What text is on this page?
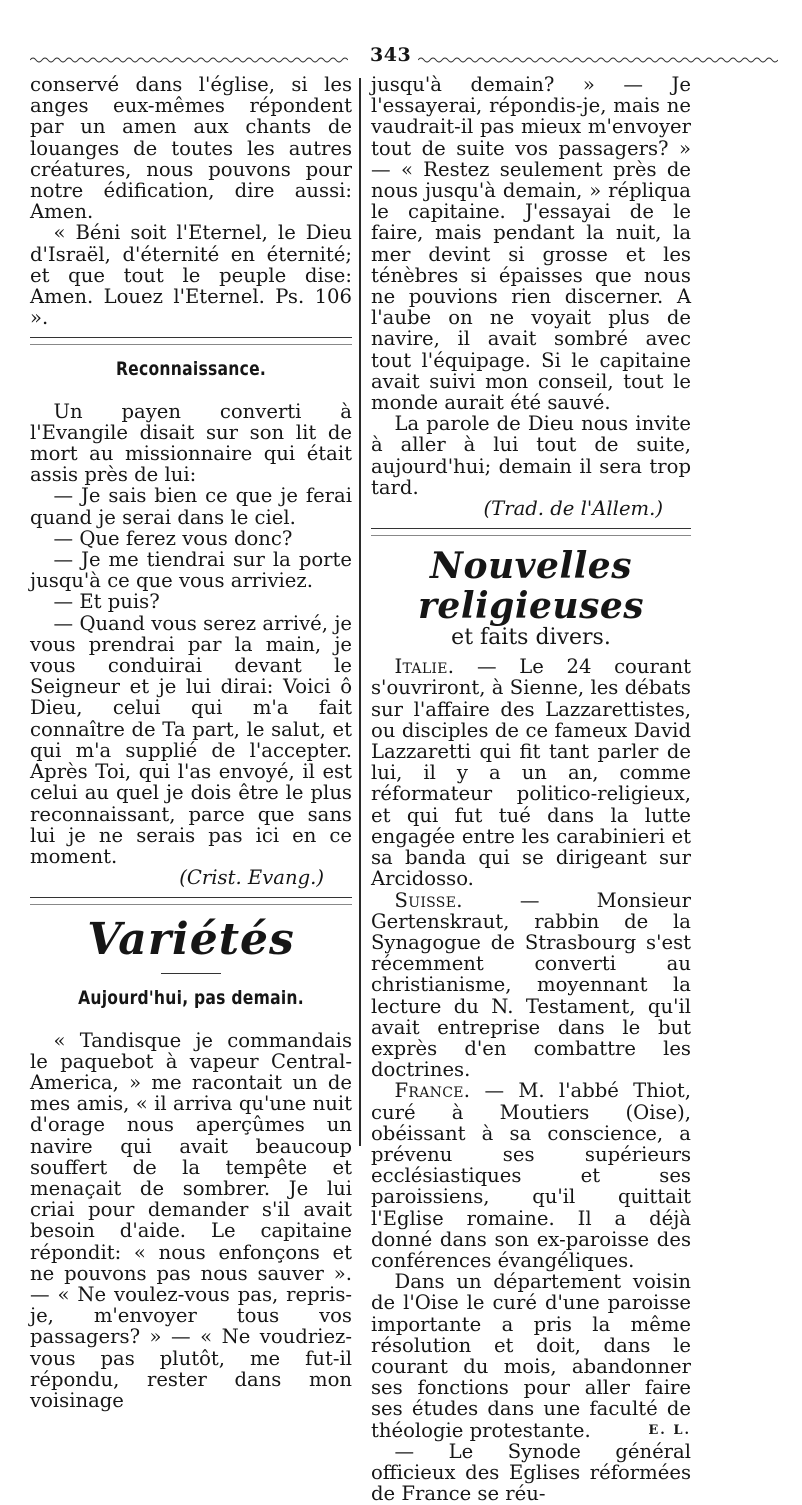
343

conservé dans l'église, si les anges eux-mêmes répondent par un amen aux chants de louanges de toutes les autres créatures, nous pouvons pour notre édification, dire aussi: Amen.

« Béni soit l'Eternel, le Dieu d'Israël, d'éternité en éternité; et que tout le peuple dise: Amen. Louez l'Eternel. Ps. 106 ».

Reconnaissance.

Un payen converti à l'Evangile disait sur son lit de mort au missionnaire qui était assis près de lui:

— Je sais bien ce que je ferai quand je serai dans le ciel.

— Que ferez vous donc?

— Je me tiendrai sur la porte jusqu'à ce que vous arriviez.

— Et puis?

— Quand vous serez arrivé, je vous prendrai par la main, je vous conduirai devant le Seigneur et je lui dirai: Voici ô Dieu, celui qui m'a fait connaître de Ta part, le salut, et qui m'a supplié de l'accepter. Après Toi, qui l'as envoyé, il est celui au quel je dois être le plus reconnaissant, parce que sans lui je ne serais pas ici en ce moment.

(Crist. Evang.)

Variétés
Aujourd'hui, pas demain.

« Tandisque je commandais le paquebot à vapeur Central-America, » me racontait un de mes amis, « il arriva qu'une nuit d'orage nous aperçûmes un navire qui avait beaucoup souffert de la tempête et menaçait de sombrer. Je lui criai pour demander s'il avait besoin d'aide. Le capitaine répondit: « nous enfonçons et ne pouvons pas nous sauver ». — « Ne voulez-vous pas, repris-je, m'envoyer tous vos passagers? » — « Ne voudriez-vous pas plutôt, me fut-il répondu, rester dans mon voisinage

jusqu'à demain? » — Je l'essayerai, répondis-je, mais ne vaudrait-il pas mieux m'envoyer tout de suite vos passagers? » — « Restez seulement près de nous jusqu'à demain, » répliqua le capitaine. J'essayai de le faire, mais pendant la nuit, la mer devint si grosse et les ténèbres si épaisses que nous ne pouvions rien discerner. A l'aube on ne voyait plus de navire, il avait sombré avec tout l'équipage. Si le capitaine avait suivi mon conseil, tout le monde aurait été sauvé.

La parole de Dieu nous invite à aller à lui tout de suite, aujourd'hui; demain il sera trop tard.

(Trad. de l'Allem.)

Nouvelles religieuses
et faits divers.

Italie. — Le 24 courant s'ouvriront, à Sienne, les débats sur l'affaire des Lazzarettistes, ou disciples de ce fameux David Lazzaretti qui fit tant parler de lui, il y a un an, comme réformateur politico-religieux, et qui fut tué dans la lutte engagée entre les carabinieri et sa banda qui se dirigeant sur Arcidosso.

Suisse.	— Monsieur Gertenskraut, rabbin de la Synagogue de Strasbourg s'est récemment converti au christianisme, moyennant la lecture du N. Testament, qu'il avait entreprise dans le but exprès d'en combattre les doctrines.

France. — M. l'abbé Thiot, curé à Moutiers (Oise), obéissant à sa conscience, a prévenu ses supérieurs ecclésiastiques et ses paroissiens, qu'il quittait l'Eglise romaine. Il a déjà donné dans son ex-paroisse des conférences évangéliques.

Dans un département voisin de l'Oise le curé d'une paroisse importante a pris la même résolution et doit, dans le courant du mois, abandonner ses fonctions pour aller faire ses études dans une faculté de théologie protestante.	E. L.

— Le Synode général officieux des Eglises réformées de France se réu-
